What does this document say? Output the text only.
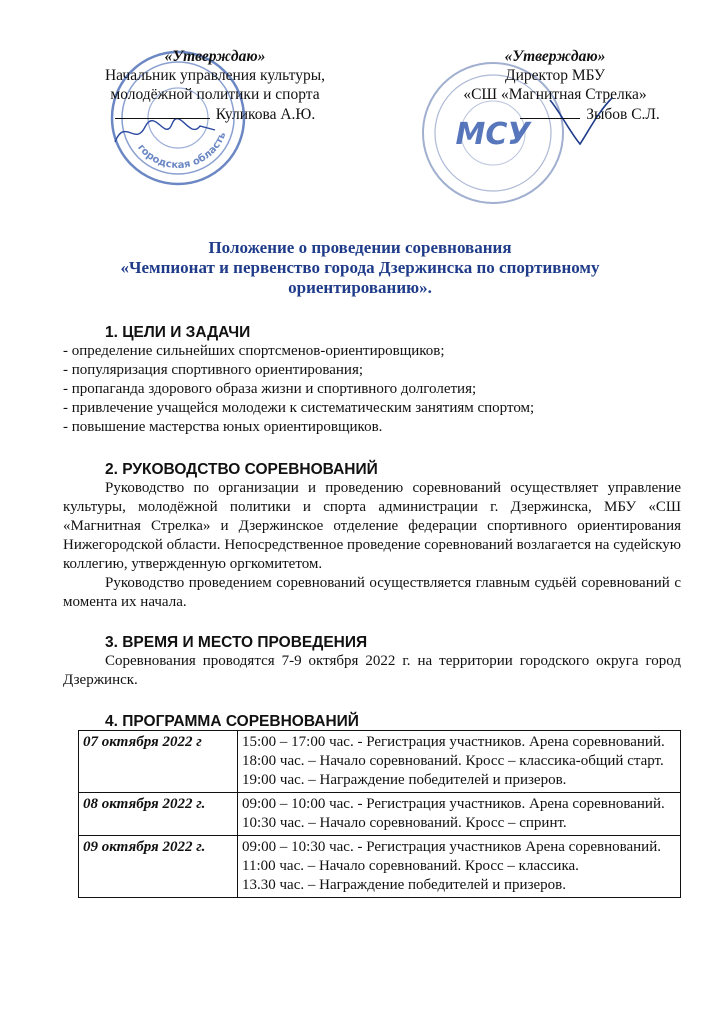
городская область	МСУ
«Утверждаю»
Начальник управления культуры,
молодёжной политики и спорта
Куликова А.Ю.
«Утверждаю»
Директор МБУ
«СШ «Магнитная Стрелка»
Зыбов С.Л.
Положение о проведении соревнования
«Чемпионат и первенство города Дзержинска по спортивному
ориентированию».
1. ЦЕЛИ И ЗАДАЧИ
- определение сильнейших спортсменов-ориентировщиков;
- популяризация спортивного ориентирования;
- пропаганда здорового образа жизни и спортивного долголетия;
- привлечение учащейся молодежи к систематическим занятиям спортом;
- повышение мастерства юных ориентировщиков.
2. РУКОВОДСТВО СОРЕВНОВАНИЙ
Руководство по организации и проведению соревнований осуществляет управление культуры, молодёжной политики и спорта администрации г. Дзержинска, МБУ «СШ «Магнитная Стрелка» и Дзержинское отделение федерации спортивного ориентирования Нижегородской области. Непосредственное проведение соревнований возлагается на судейскую коллегию, утвержденную оргкомитетом.
Руководство проведением соревнований осуществляется главным судьёй соревнований с момента их начала.
3. ВРЕМЯ И МЕСТО ПРОВЕДЕНИЯ
Соревнования проводятся 7-9 октября 2022 г. на территории городского округа город Дзержинск.
4. ПРОГРАММА СОРЕВНОВАНИЙ
07 октября 2022 г	15:00 – 17:00 час. - Регистрация участников. Арена соревнований.
18:00 час. – Начало соревнований. Кросс – классика-общий старт.
19:00 час. – Награждение победителей и призеров.

08 октября 2022 г.	09:00 – 10:00 час. - Регистрация участников. Арена соревнований.
10:30 час. – Начало соревнований. Кросс – спринт.

09 октября 2022 г.	09:00 – 10:30 час. - Регистрация участников Арена соревнований.
11:00 час. – Начало соревнований. Кросс – классика.
13.30 час. – Награждение победителей и призеров.
